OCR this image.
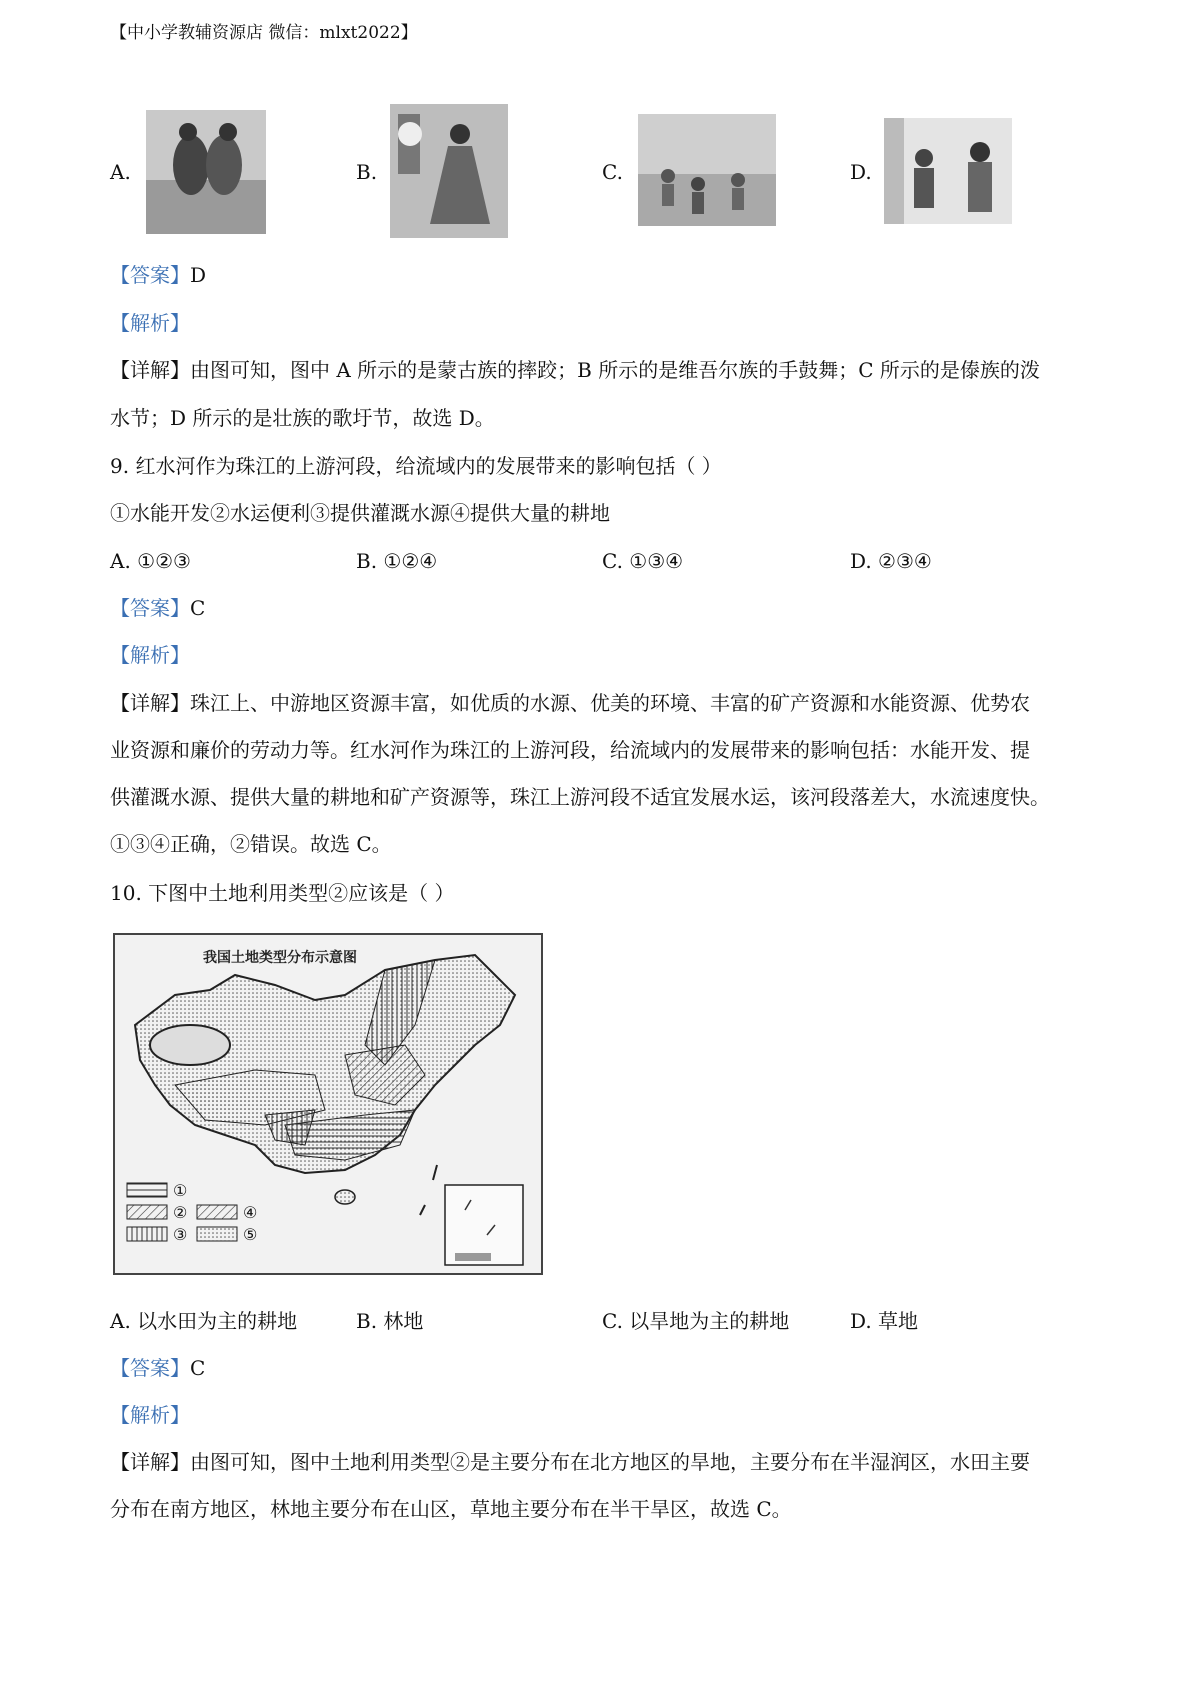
【中小学教辅资源店 微信：mlxt2022】
A.	B.	C.	D.
【答案】D
【解析】
【详解】由图可知，图中 A 所示的是蒙古族的摔跤；B 所示的是维吾尔族的手鼓舞；C 所示的是傣族的泼
水节；D 所示的是壮族的歌圩节，故选 D。
9. 红水河作为珠江的上游河段，给流域内的发展带来的影响包括（ ）
①水能开发②水运便利③提供灌溉水源④提供大量的耕地
A. ①②③	B. ①②④	C. ①③④	D. ②③④
【答案】C
【解析】
【详解】珠江上、中游地区资源丰富，如优质的水源、优美的环境、丰富的矿产资源和水能资源、优势农
业资源和廉价的劳动力等。红水河作为珠江的上游河段，给流域内的发展带来的影响包括：水能开发、提
供灌溉水源、提供大量的耕地和矿产资源等，珠江上游河段不适宜发展水运，该河段落差大，水流速度快。
①③④正确，②错误。故选 C。
10. 下图中土地利用类型②应该是（ ）
我国土地类型分布示意图
①
②
③
④
⑤
A. 以水田为主的耕地	B. 林地	C. 以旱地为主的耕地	D. 草地
【答案】C
【解析】
【详解】由图可知，图中土地利用类型②是主要分布在北方地区的旱地，主要分布在半湿润区，水田主要
分布在南方地区，林地主要分布在山区，草地主要分布在半干旱区，故选 C。
